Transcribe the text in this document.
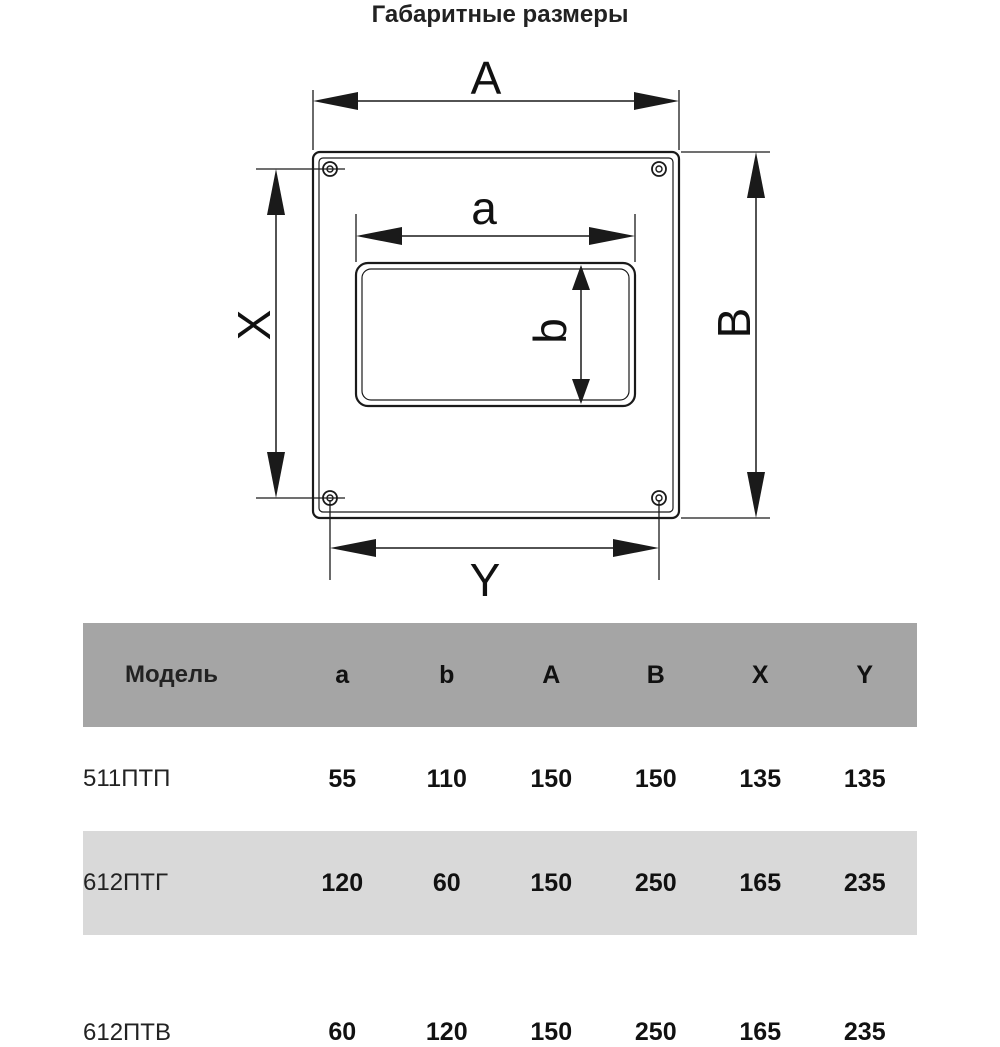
Габаритные размеры
A
a
b	B
X
Y
Модель	a	b	A	B	X	Y
511ПТП	55	110	150	150	135	135
612ПТГ	120	60	150	250	165	235
612ПТВ	60	120	150	250	165	235
